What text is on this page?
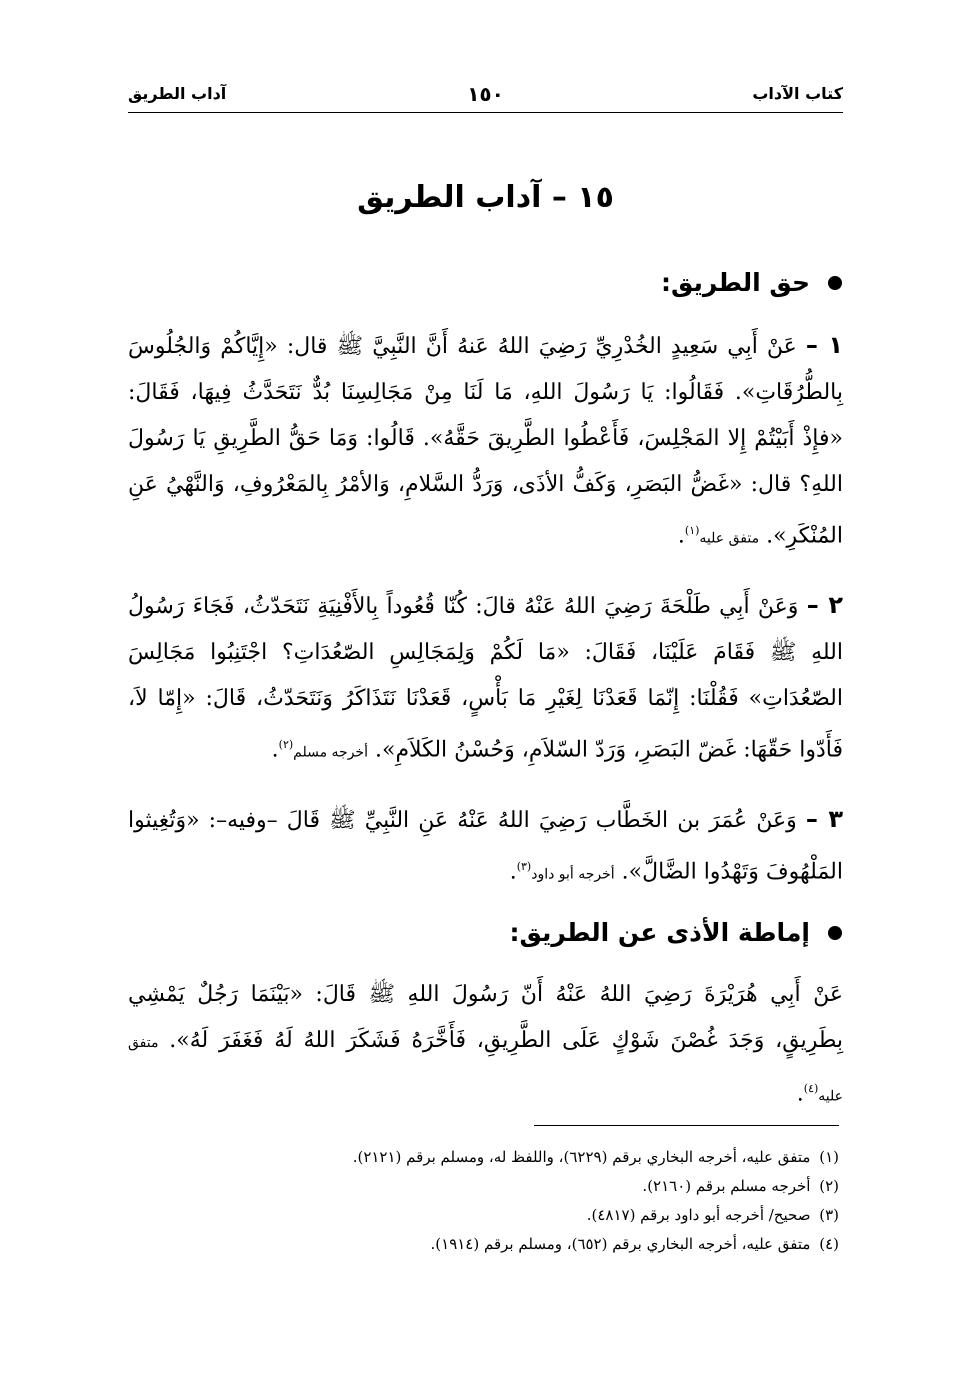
كتاب الآداب
١٥٠
آداب الطريق
١٥ – آداب الطريق
حق الطريق:

١ – عَنْ أَبِي سَعِيدٍ الخُدْرِيِّ رَضِيَ اللهُ عَنهُ أَنَّ النَّبِيَّ ﷺ قال: «إِيَّاكُمْ وَالجُلُوسَ بِالطُّرُقَاتِ». فَقَالُوا: يَا رَسُولَ اللهِ، مَا لَنَا مِنْ مَجَالِسِنَا بُدٌّ نَتَحَدَّثُ فِيهَا، فَقَالَ: «فإِذْ أَبَيْتُمْ إِلا المَجْلِسَ، فَأَعْطُوا الطَّرِيقَ حَقَّهُ». قَالُوا: وَمَا حَقُّ الطَّرِيقِ يَا رَسُولَ اللهِ؟ قال: «غَضُّ البَصَرِ، وَكَفُّ الأذَى، وَرَدُّ السَّلامِ، وَالأمْرُ بِالمَعْرُوفِ، وَالنَّهْيُ عَنِ المُنْكَرِ». متفق عليه$^{(١)}$.

٢ – وَعَنْ أَبِي طَلْحَةَ رَضِيَ اللهُ عَنْهُ قالَ: كُنّا قُعُوداً بِالأَفْنِيَةِ نَتَحَدّثُ، فَجَاءَ رَسُولُ اللهِ ﷺ فَقَامَ عَلَيْنَا، فَقَالَ: «مَا لَكُمْ وَلِمَجَالِسِ الصّعُدَاتِ؟ اجْتَنِبُوا مَجَالِسَ الصّعُدَاتِ» فَقُلْنَا: إِنّمَا قَعَدْنَا لِغَيْرِ مَا بَأْسٍ، قَعَدْنَا نَتَذَاكَرُ وَنَتَحَدّثُ، قَالَ: «إِمّا لاَ، فَأَدّوا حَقّهَا: غَضّ البَصَرِ، وَرَدّ السّلاَمِ، وَحُسْنُ الكَلاَمِ». أخرجه مسلم$^{(٢)}$.

٣ – وَعَنْ عُمَرَ بن الخَطَّاب رَضِيَ اللهُ عَنْهُ عَنِ النَّبِيِّ ﷺ قَالَ –وفيه–: «وَتُغِيثوا المَلْهُوفَ وَتَهْدُوا الضَّالَّ». أخرجه أبو داود$^{(٣)}$.

إماطة الأذى عن الطريق:

عَنْ أَبِي هُرَيْرَةَ رَضِيَ اللهُ عَنْهُ أَنّ رَسُولَ اللهِ ﷺ قَالَ: «بَيْنَمَا رَجُلٌ يَمْشِي بِطَرِيقٍ، وَجَدَ غُصْنَ شَوْكٍ عَلَى الطَّرِيقِ، فَأَخَّرَهُ فَشَكَرَ اللهُ لَهُ فَغَفَرَ لَهُ». متفق عليه$^{(٤)}$.

(١) متفق عليه، أخرجه البخاري برقم (٦٢٢٩)، واللفظ له، ومسلم برقم (٢١٢١).
(٢) أخرجه مسلم برقم (٢١٦٠).
(٣) صحيح/ أخرجه أبو داود برقم (٤٨١٧).
(٤) متفق عليه، أخرجه البخاري برقم (٦٥٢)، ومسلم برقم (١٩١٤).
